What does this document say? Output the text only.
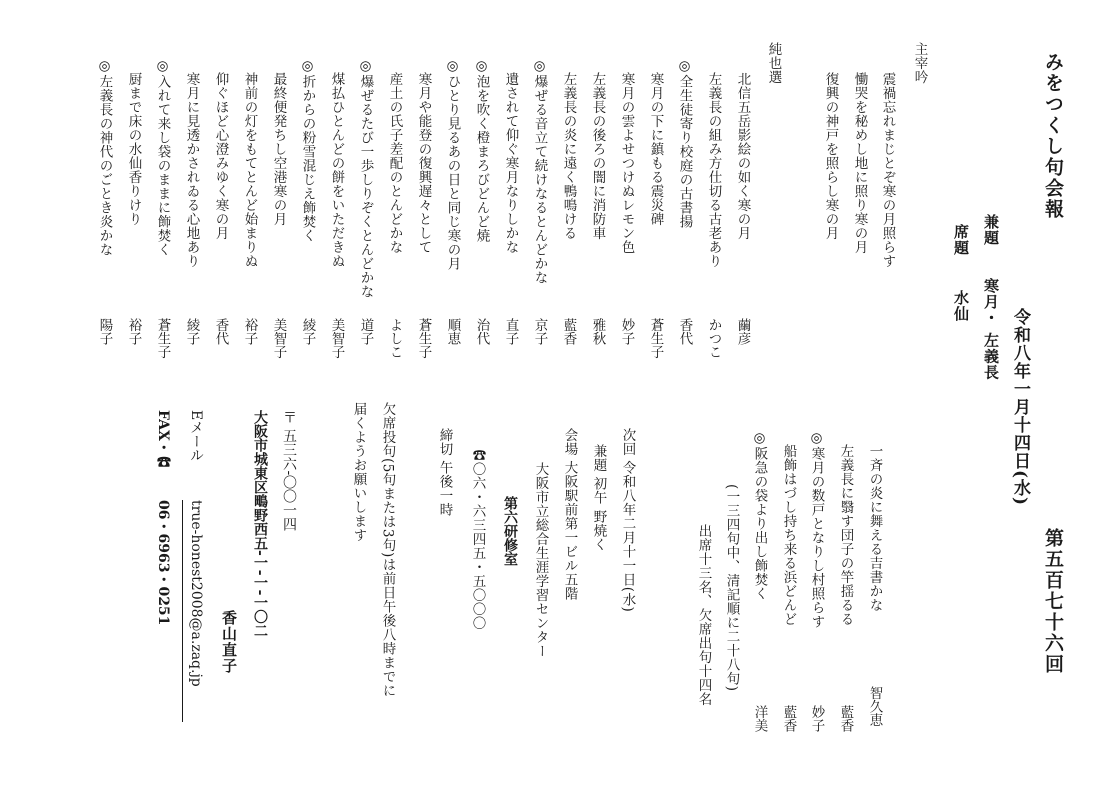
みをつくし句会報
第五百七十六回
令和八年一月十四日(水)
兼題
寒月・ 左義長
席題
水仙
主宰吟
震禍忘れまじとぞ寒の月照らす
慟哭を秘めし地に照り寒の月
復興の神戸を照らし寒の月
一斉の炎に舞える吉書かな
智久恵
左義長に翳す団子の竿揺るる
藍香
◎寒月の数戸となりし村照らす
妙子
船飾はづし持ち来る浜どんど
藍香
◎阪急の袋より出し飾焚く
洋美
(一三四句中、清記順に二十八句)
出席十三名、欠席出句十四名
純也選
北信五岳影絵の如く寒の月
繭彦
左義長の組み方仕切る古老あり
かつこ
◎全生徒寄り校庭の古書揚
香代
寒月の下に鎮もる震災碑
蒼生子
寒月の雲よせつけぬレモン色
妙子
左義長の後ろの闇に消防車
雅秋
左義長の炎に遠く鴨鳴ける
藍香
◎爆ぜる音立て続けなるとんどかな
京子
遺されて仰ぐ寒月なりしかな
直子
◎泡を吹く橙まろびどんど焼
治代
◎ひとり見るあの日と同じ寒の月
順恵
寒月や能登の復興遅々として
蒼生子
産土の氏子差配のとんどかな
よしこ
◎爆ぜるたび一歩しりぞくとんどかな
道子
煤払ひとんどの餅をいただきぬ
美智子
◎折からの粉雪混じえ飾焚く
綾子
最終便発ちし空港寒の月
美智子
神前の灯をもてとんど始まりぬ
裕子
仰ぐほど心澄みゆく寒の月
香代
寒月に見透かされゐる心地あり
綾子
◎入れて来し袋のままに飾焚く
蒼生子
厨まで床の水仙香りけり
裕子
◎左義長の神代のごとき炎かな
陽子
次回 令和八年二月十一日(水)
兼題 初午 野焼く
会場 大阪駅前第一ビル五階
大阪市立総合生涯学習センター
第六研修室
☎〇六・六三四五・五〇〇〇
締切 午後一時
欠席投句(5句または3句)は前日午後八時までに
届くようお願いします
〒 五三六-〇〇一四
大阪市城東区鴫野西五-一-一-一〇二
香山直子
Eメール
true-honest2008@a.zaq.jp
FAX・☎
06・6963・0251
